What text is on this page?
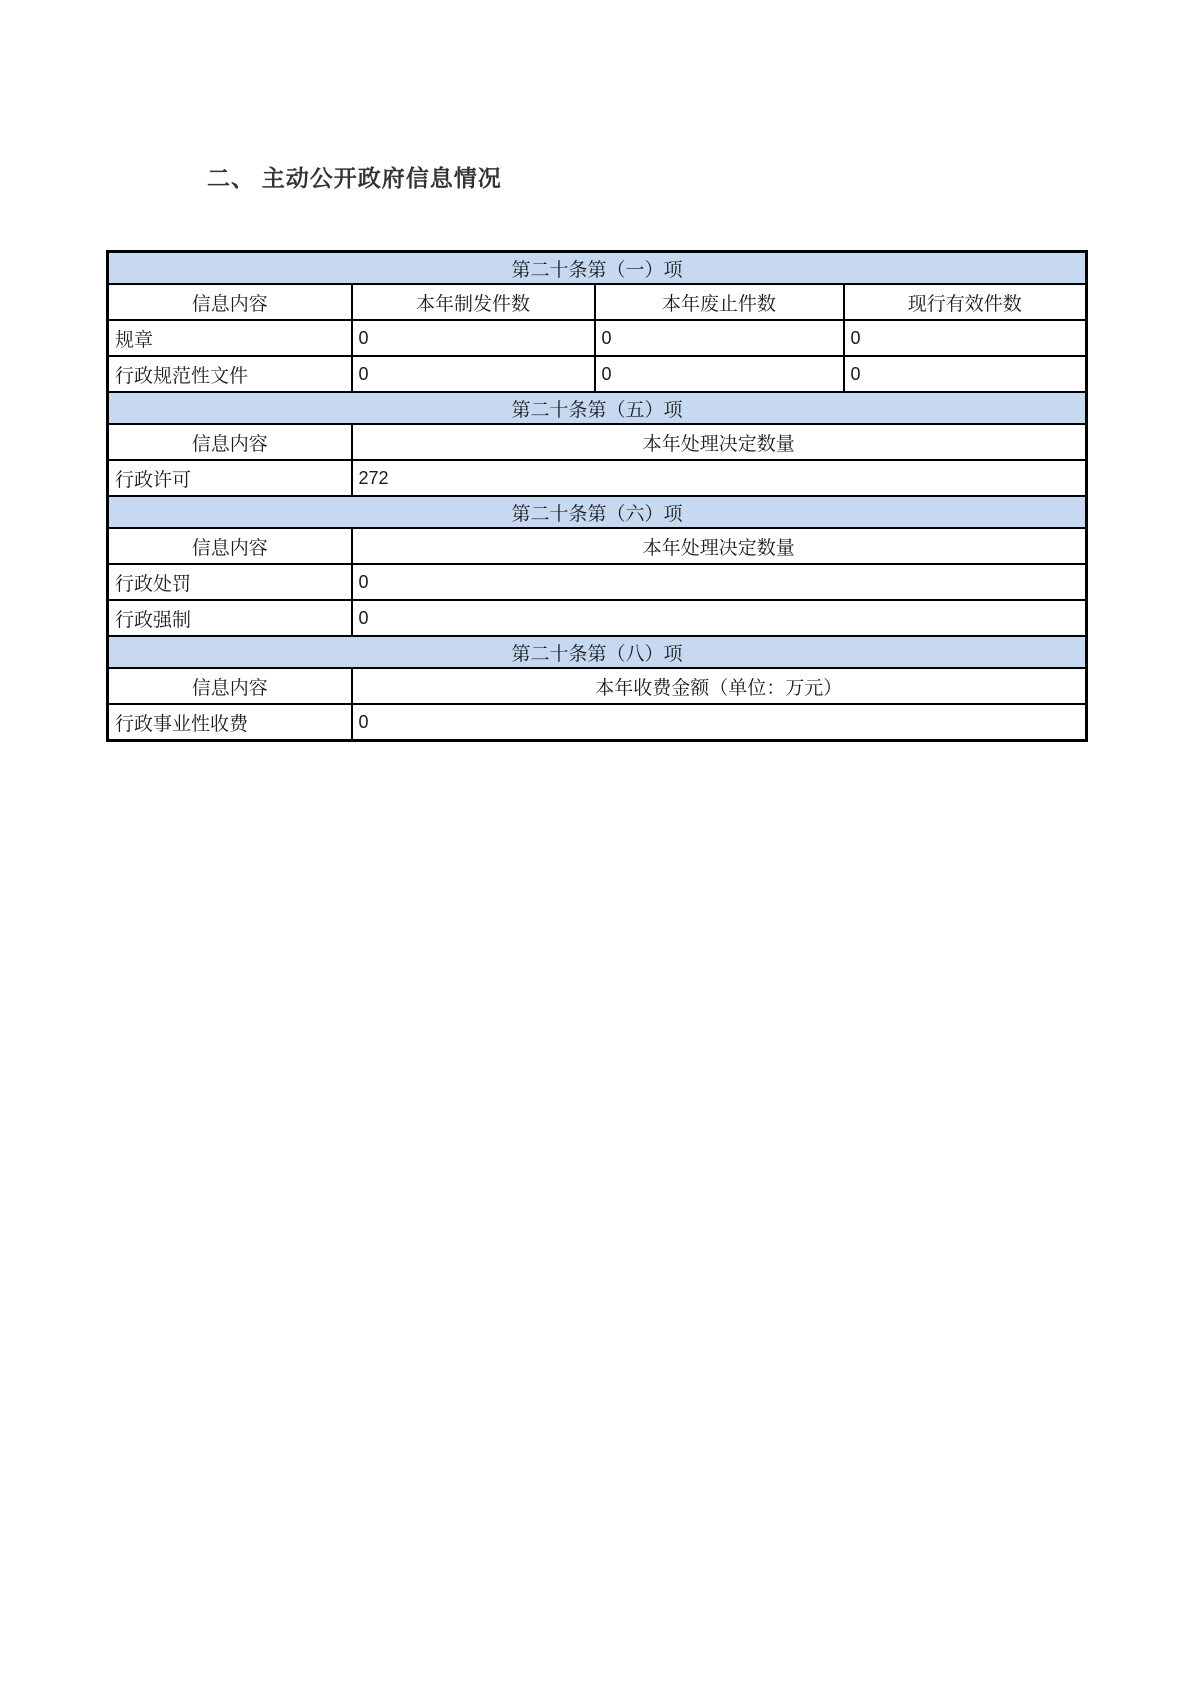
二、 主动公开政府信息情况
第二十条第（一）项			
信息内容	本年制发件数	本年废止件数	现行有效件数
规章	0	0	0
行政规范性文件	0	0	0
第二十条第（五）项			
信息内容	本年处理决定数量		
行政许可	272		
第二十条第（六）项			
信息内容	本年处理决定数量		
行政处罚	0		
行政强制	0		
第二十条第（八）项			
信息内容	本年收费金额（单位：万元）		
行政事业性收费	0		
